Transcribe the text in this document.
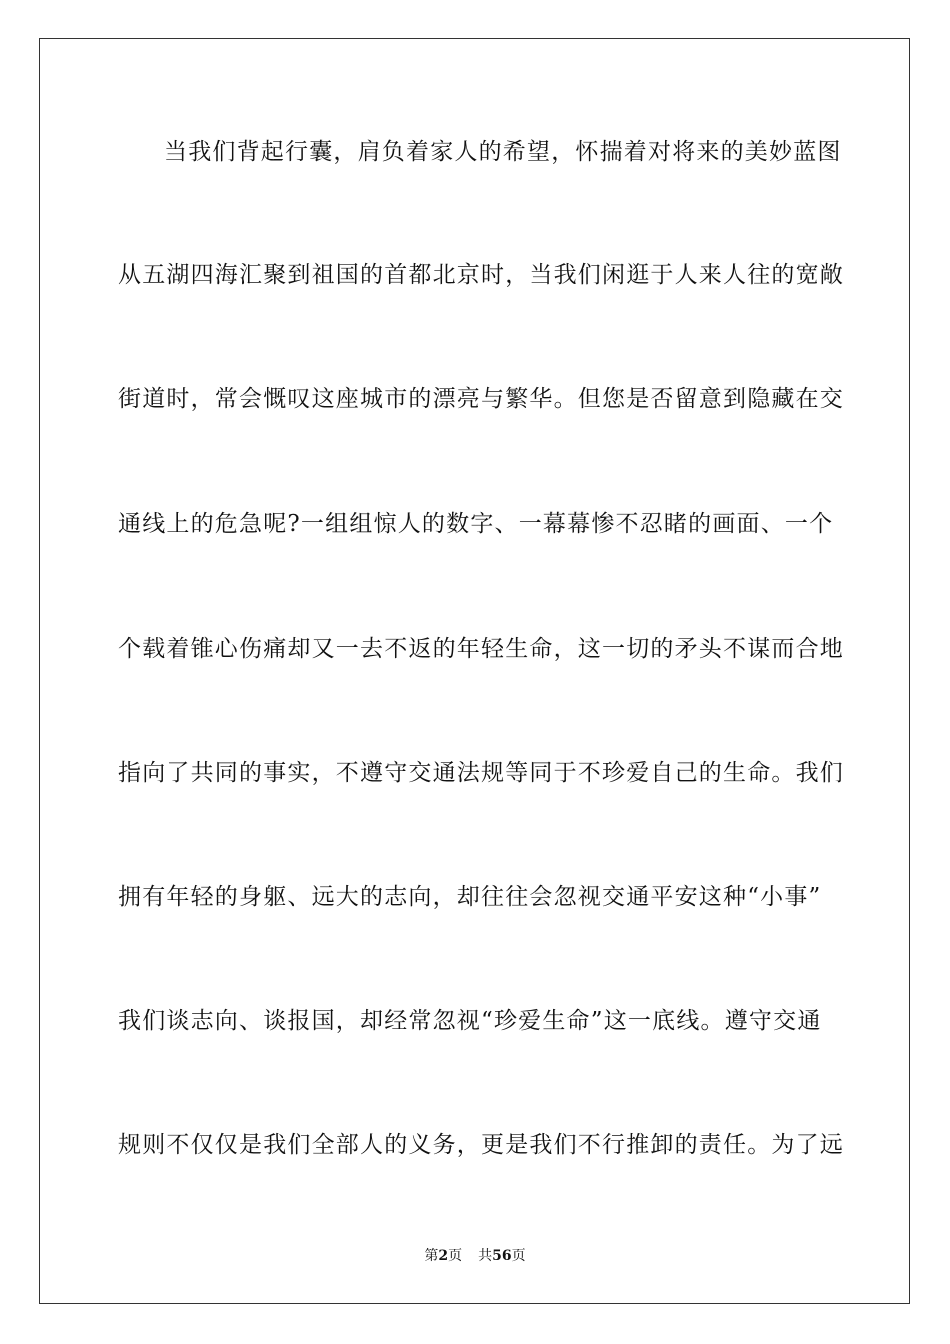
当我们背起行囊，肩负着家人的希望，怀揣着对将来的美妙蓝图
从五湖四海汇聚到祖国的首都北京时，当我们闲逛于人来人往的宽敞
街道时，常会慨叹这座城市的漂亮与繁华。但您是否留意到隐藏在交
通线上的危急呢?一组组惊人的数字、一幕幕惨不忍睹的画面、一个
个载着锥心伤痛却又一去不返的年轻生命，这一切的矛头不谋而合地
指向了共同的事实，不遵守交通法规等同于不珍爱自己的生命。我们
拥有年轻的身躯、远大的志向，却往往会忽视交通平安这种“小事”
我们谈志向、谈报国，却经常忽视“珍爱生命”这一底线。遵守交通
规则不仅仅是我们全部人的义务，更是我们不行推卸的责任。为了远
第2页 共56页
